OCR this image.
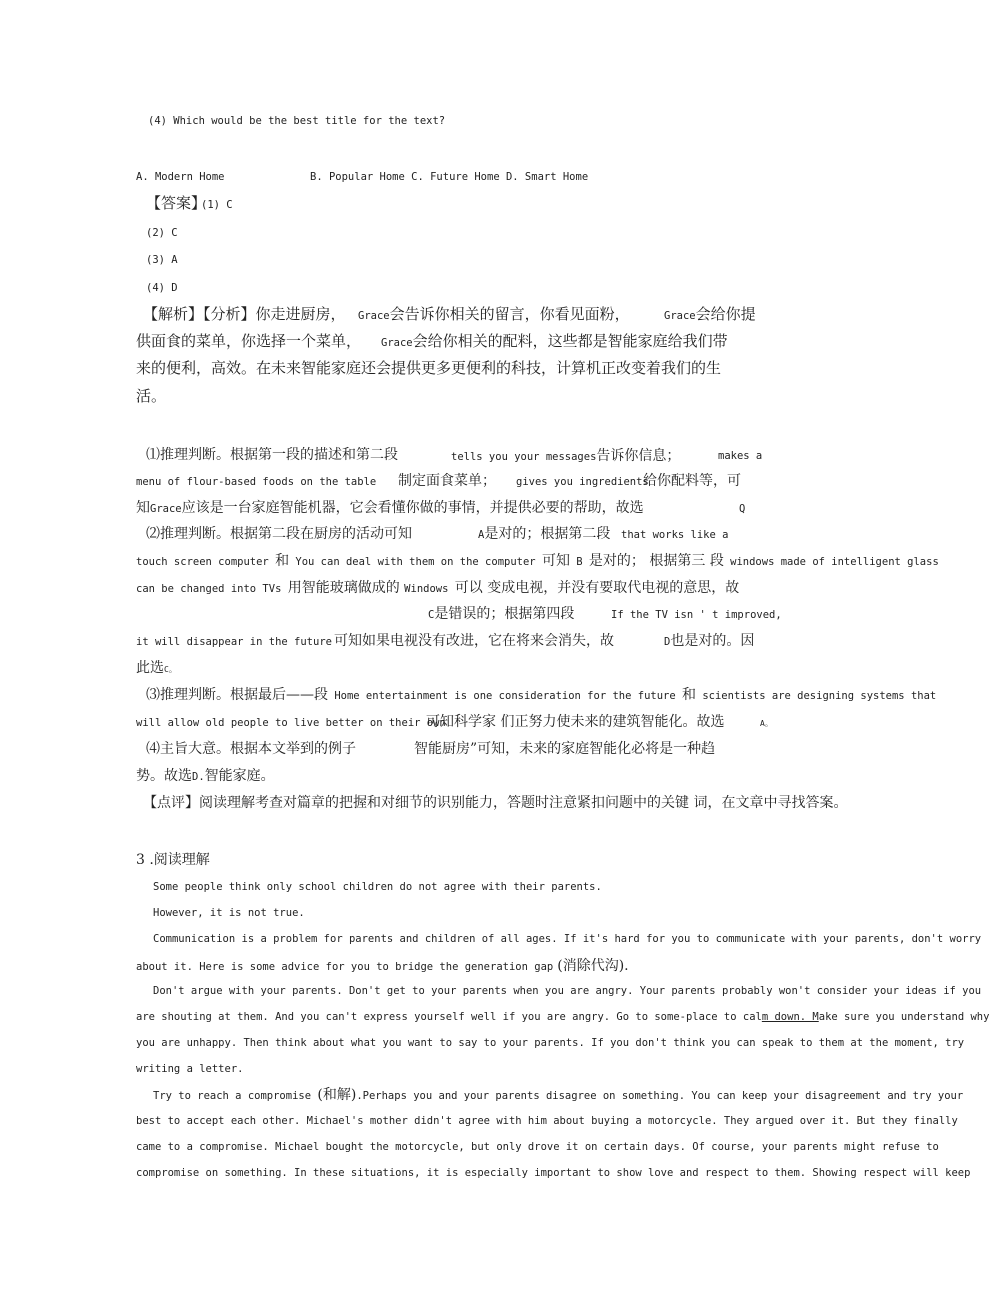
(4) Which would be the best title for the text?
A. Modern Home	B. Popular Home C. Future Home D. Smart Home
【答案】
(1) C
(2) C
(3) A
(4) D
【解析】【分析】你走进厨房， Grace会告诉你相关的留言，你看见面粉，	Grace会给你提
供面食的菜单，你选择一个菜单， Grace会给你相关的配料，这些都是智能家庭给我们带
来的便利，高效。在未来智能家庭还会提供更多更便利的科技，计算机正改变着我们的生
活。
⑴推理判断。根据第一段的描述和第二段	tells you your messages告诉你信息；	makes a
menu of flour-based foods on the table 制定面食菜单； gives you ingredients
给你配料等，可
知Grace应该是一台家庭智能机器，它会看懂你做的事情，并提供必要的帮助，故选	Q
⑵推理判断。根据第二段在厨房的活动可知	A是对的；根据第二段 that works like a
touch screen computer 和 You can deal with them on the computer 可知 B 是对的； 根据第三 段 windows made of intelligent glass
can be changed into TVs 用智能玻璃做成的 Windows 可以 变成电视，并没有要取代电视的意思，故
C是错误的；根据第四段	If the TV isn ' t improved,
it will disappear in the future 可知如果电视没有改进，它在将来会消失，故	D也是对的。因
此选C。
⑶推理判断。根据最后——段 Home entertainment is one consideration for the future 和 scientists are designing systems that
will allow old people to live better on their own
可知科学家 们正努力使未来的建筑智能化。故选	A。
⑷主旨大意。根据本文举到的例子	智能厨房”可知，未来的家庭智能化必将是一种趋
势。故选D.智能家庭。
【点评】阅读理解考查对篇章的把握和对细节的识别能力，答题时注意紧扣问题中的关键 词，在文章中寻找答案。
3 .阅读理解
Some people think only school children do not agree with their parents.
However, it is not true.
Communication is a problem for parents and children of all ages. If it's hard for you to communicate with your parents, don't worry
about it. Here is some advice for you to bridge the generation gap (消除代沟).
Don't argue with your parents. Don't get to your parents when you are angry. Your parents probably won't consider your ideas if you
are shouting at them. And you can't express yourself well if you are angry. Go to some-place to calm down. Make sure you understand why
you are unhappy. Then think about what you want to say to your parents. If you don't think you can speak to them at the moment, try
writing a letter.
Try to reach a compromise (和解).Perhaps you and your parents disagree on something. You can keep your disagreement and try your
best to accept each other. Michael's mother didn't agree with him about buying a motorcycle. They argued over it. But they finally
came to a compromise. Michael bought the motorcycle, but only drove it on certain days. Of course, your parents might refuse to
compromise on something. In these situations, it is especially important to show love and respect to them. Showing respect will keep
